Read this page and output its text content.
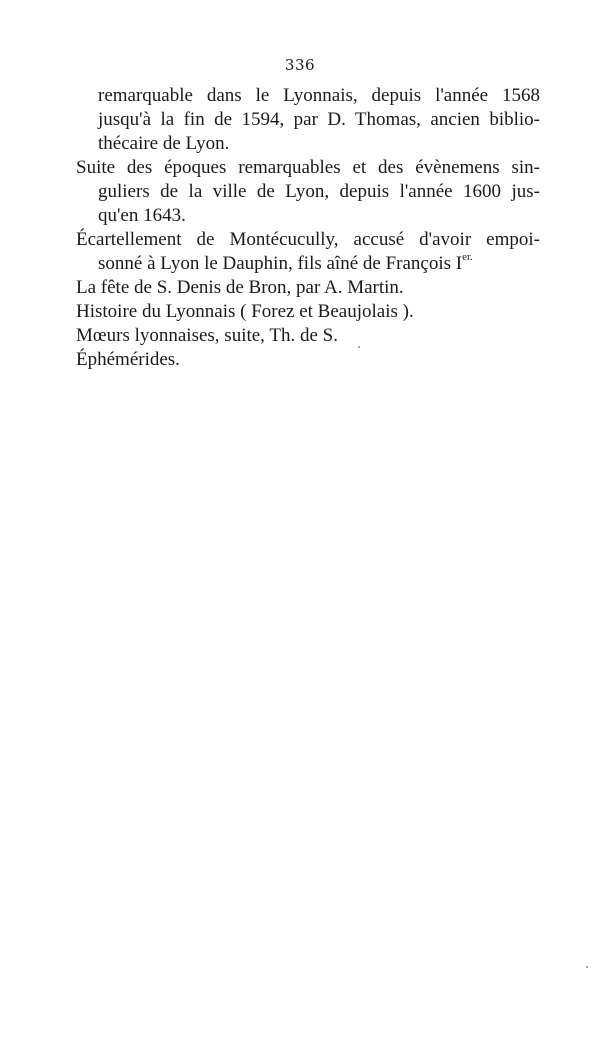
336
remarquable dans le Lyonnais, depuis l'année 1568
jusqu'à la fin de 1594, par D. Thomas, ancien biblio-
thécaire de Lyon.
Suite des époques remarquables et des évènemens sin-
guliers de la ville de Lyon, depuis l'année 1600 jus-
qu'en 1643.
Écartellement de Montécucully, accusé d'avoir empoi-
sonné à Lyon le Dauphin, fils aîné de François $I^{er.}$
La fête de S. Denis de Bron, par A. Martin.
Histoire du Lyonnais ( Forez et Beaujolais ).
Mœurs lyonnaises, suite, Th. de S.
Éphémérides.
